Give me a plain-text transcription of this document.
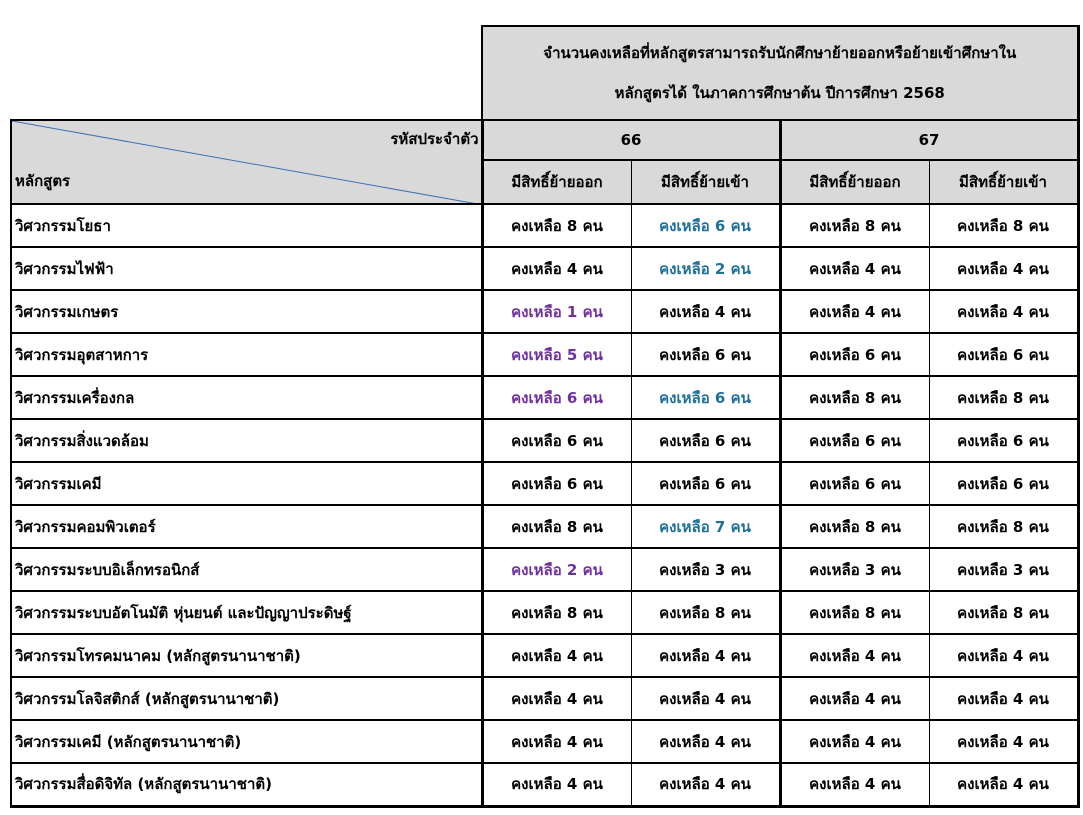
	จำนวนคงเหลือที่หลักสูตรสามารถรับนักศึกษาย้ายออกหรือย้ายเข้าศึกษาใน
หลักสูตรได้ ในภาคการศึกษาต้น ปีการศึกษา 2568			

รหัสประจำตัว
หลักสูตร	66		67	
	มีสิทธิ์ย้ายออก	มีสิทธิ์ย้ายเข้า	มีสิทธิ์ย้ายออก	มีสิทธิ์ย้ายเข้า
วิศวกรรมโยธา	คงเหลือ 8 คน	คงเหลือ 6 คน	คงเหลือ 8 คน	คงเหลือ 8 คน
วิศวกรรมไฟฟ้า	คงเหลือ 4 คน	คงเหลือ 2 คน	คงเหลือ 4 คน	คงเหลือ 4 คน
วิศวกรรมเกษตร	คงเหลือ 1 คน	คงเหลือ 4 คน	คงเหลือ 4 คน	คงเหลือ 4 คน
วิศวกรรมอุตสาหการ	คงเหลือ 5 คน	คงเหลือ 6 คน	คงเหลือ 6 คน	คงเหลือ 6 คน
วิศวกรรมเครื่องกล	คงเหลือ 6 คน	คงเหลือ 6 คน	คงเหลือ 8 คน	คงเหลือ 8 คน
วิศวกรรมสิ่งแวดล้อม	คงเหลือ 6 คน	คงเหลือ 6 คน	คงเหลือ 6 คน	คงเหลือ 6 คน
วิศวกรรมเคมี	คงเหลือ 6 คน	คงเหลือ 6 คน	คงเหลือ 6 คน	คงเหลือ 6 คน
วิศวกรรมคอมพิวเตอร์	คงเหลือ 8 คน	คงเหลือ 7 คน	คงเหลือ 8 คน	คงเหลือ 8 คน
วิศวกรรมระบบอิเล็กทรอนิกส์	คงเหลือ 2 คน	คงเหลือ 3 คน	คงเหลือ 3 คน	คงเหลือ 3 คน
วิศวกรรมระบบอัตโนมัติ หุ่นยนต์ และปัญญาประดิษฐ์	คงเหลือ 8 คน	คงเหลือ 8 คน	คงเหลือ 8 คน	คงเหลือ 8 คน
วิศวกรรมโทรคมนาคม (หลักสูตรนานาชาติ)	คงเหลือ 4 คน	คงเหลือ 4 คน	คงเหลือ 4 คน	คงเหลือ 4 คน
วิศวกรรมโลจิสติกส์ (หลักสูตรนานาชาติ)	คงเหลือ 4 คน	คงเหลือ 4 คน	คงเหลือ 4 คน	คงเหลือ 4 คน
วิศวกรรมเคมี (หลักสูตรนานาชาติ)	คงเหลือ 4 คน	คงเหลือ 4 คน	คงเหลือ 4 คน	คงเหลือ 4 คน
วิศวกรรมสื่อดิจิทัล (หลักสูตรนานาชาติ)	คงเหลือ 4 คน	คงเหลือ 4 คน	คงเหลือ 4 คน	คงเหลือ 4 คน
